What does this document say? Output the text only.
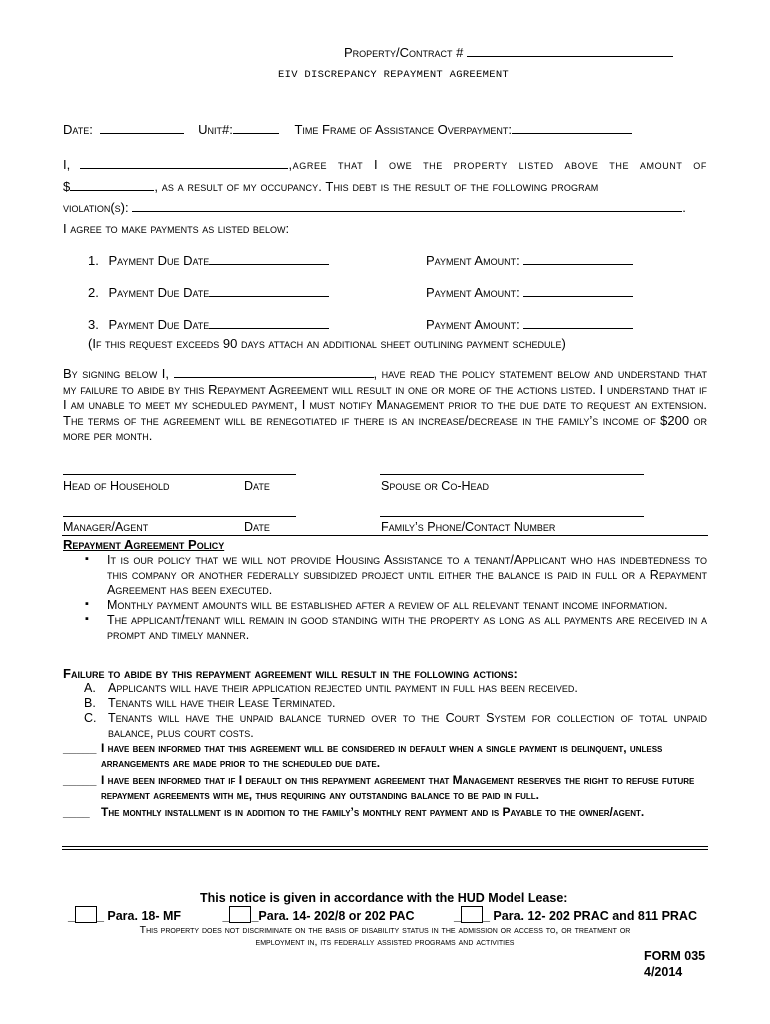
Property/Contract #
EIV DISCREPANCY REPAYMENT AGREEMENT
Date:	Unit#:	Time Frame of Assistance Overpayment:
I,	,agree that I owe the property listed above the amount of
$	, as a result of my occupancy. This debt is the result of the following program
violation(s):	.
I agree to make payments as listed below:
1. Payment Due Date	Payment Amount:
2. Payment Due Date	Payment Amount:
3. Payment Due Date	Payment Amount:
(If this request exceeds 90 days attach an additional sheet outlining payment schedule)
By signing below I,	, have read the policy statement below and understand that my failure to abide by this Repayment Agreement will result in one or more of the actions listed. I understand that if I am unable to meet my scheduled payment, I must notify Management prior to the due date to request an extension. The terms of the agreement will be renegotiated if there is an increase/decrease in the family’s income of $200 or more per month.
Head of Household	Date	Spouse or Co-Head
Manager/Agent	Date	Family’s Phone/Contact Number
Repayment Agreement Policy
▪ It is our policy that we will not provide Housing Assistance to a tenant/Applicant who has indebtedness to this company or another federally subsidized project until either the balance is paid in full or a Repayment Agreement has been executed.
▪ Monthly payment amounts will be established after a review of all relevant tenant income information.
▪ The applicant/tenant will remain in good standing with the property as long as all payments are received in a prompt and timely manner.
Failure to abide by this repayment agreement will result in the following actions:
A. Applicants will have their application rejected until payment in full has been received.
B. Tenants will have their Lease Terminated.
C. Tenants will have the unpaid balance turned over to the Court System for collection of total unpaid balance, plus court costs.
_____ I have been informed that this agreement will be considered in default when a single payment is delinquent, unless arrangements are made prior to the scheduled due date.
_____ I have been informed that if I default on this repayment agreement that Management reserves the right to refuse future repayment agreements with me, thus requiring any outstanding balance to be paid in full.
____ The monthly installment is in addition to the family’s monthly rent payment and is Payable to the owner/agent.
This notice is given in accordance with the HUD Model Lease:
_ _ Para. 18- MF	_ _Para. 14- 202/8 or 202 PAC	_ _ Para. 12- 202 PRAC and 811 PRAC
This property does not discriminate on the basis of disability status in the admission or access to, or treatment or
employment in, its federally assisted programs and activities
FORM 035
4/2014
